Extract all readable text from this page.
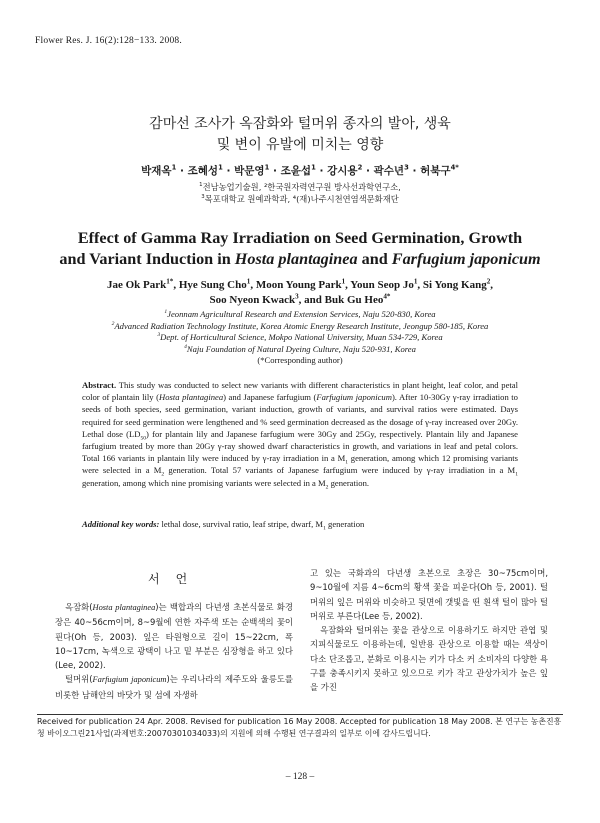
Flower Res. J. 16(2):128−133. 2008.
감마선 조사가 옥잠화와 털머위 종자의 발아, 생육
및 변이 유발에 미치는 영향
박재옥$^1$ · 조혜성$^1$ · 박문영$^1$ · 조윤섭$^1$ · 강시용$^2$ · 곽수년$^3$ · 허북구$^{4*}$
$^1$전남농업기술원, ²한국원자력연구원 방사선과학연구소,
$^3$목포대학교 원예과학과, ⁴(재)나주시천연염색문화재단
Effect of Gamma Ray Irradiation on Seed Germination, Growth
and Variant Induction in Hosta plantaginea and Farfugium japonicum
Jae Ok Park$^{1*}$, Hye Sung Cho$^1$, Moon Young Park$^1$, Youn Seop Jo$^1$, Si Yong Kang$^2$,
Soo Nyeon Kwack$^3$, and Buk Gu Heo$^{4*}$
$^1$Jeonnam Agricultural Research and Extension Services, Naju 520-830, Korea
$^2$Advanced Radiation Technology Institute, Korea Atomic Energy Research Institute, Jeongup 580-185, Korea
$^3$Dept. of Horticultural Science, Mokpo National University, Muan 534-729, Korea
$^4$Naju Foundation of Natural Dyeing Culture, Naju 520-931, Korea
(*Corresponding author)
Abstract. This study was conducted to select new variants with different characteristics in plant height, leaf color, and petal color of plantain lily (Hosta plantaginea) and Japanese farfugium (Farfugium japonicum). After 10-30Gy γ-ray irradiation to seeds of both species, seed germination, variant induction, growth of variants, and survival ratios were estimated. Days required for seed germination were lengthened and % seed germination decreased as the dosage of γ-ray increased over 20Gy. Lethal dose $(LD_{50})$ for plantain lily and Japanese farfugium were 30Gy and 25Gy, respectively. Plantain lily and Japanese farfugium treated by more than 20Gy γ-ray showed dwarf characteristics in growth, and variations in leaf and petal colors. Total 166 variants in plantain lily were induced by γ-ray irradiation in a $M_1$ generation, among which 12 promising variants were selected in a $M_2$ generation. Total 57 variants of Japanese farfugium were induced by γ-ray irradiation in a $M_1$ generation, among which nine promising variants were selected in a $M_2$ generation.
Additional key words: lethal dose, survival ratio, leaf stripe, dwarf, $M_1$ generation
서언

옥잠화(Hosta plantaginea)는 백합과의 다년생 초본식물로 화경장은 40~56cm이며, 8~9월에 연한 자주색 또는 순백색의 꽃이 핀다(Oh 등, 2003). 잎은 타원형으로 길이 15~22cm, 폭 10~17cm, 녹색으로 광택이 나고 밑 부분은 심장형을 하고 있다(Lee, 2002).

털머위(Farfugium japonicum)는 우리나라의 제주도와 울릉도를 비롯한 남해안의 바닷가 및 섬에 자생하

고 있는 국화과의 다년생 초본으로 초장은 30~75cm이며, 9~10월에 지름 4~6cm의 황색 꽃을 피운다(Oh 등, 2001). 털머위의 잎은 머위와 비슷하고 뒷면에 갯빛을 띤 흰색 털이 많아 털머위로 부른다(Lee 등, 2002).

옥잠화와 털머위는 꽃을 관상으로 이용하기도 하지만 관엽 및 지피식물로도 이용하는데, 일반용 관상으로 이용할 때는 색상이 다소 단조롭고, 분화로 이용시는 키가 다소 커 소비자의 다양한 욕구를 충족시키지 못하고 있으므로 키가 작고 관상가치가 높은 잎을 가진

Received for publication 24 Apr. 2008. Revised for publication 16 May 2008. Accepted for publication 18 May 2008. 본 연구는 농촌진흥청 바이오그린21사업(과제번호:20070301034033)의 지원에 의해 수행된 연구결과의 일부로 이에 감사드립니다.
– 128 –
